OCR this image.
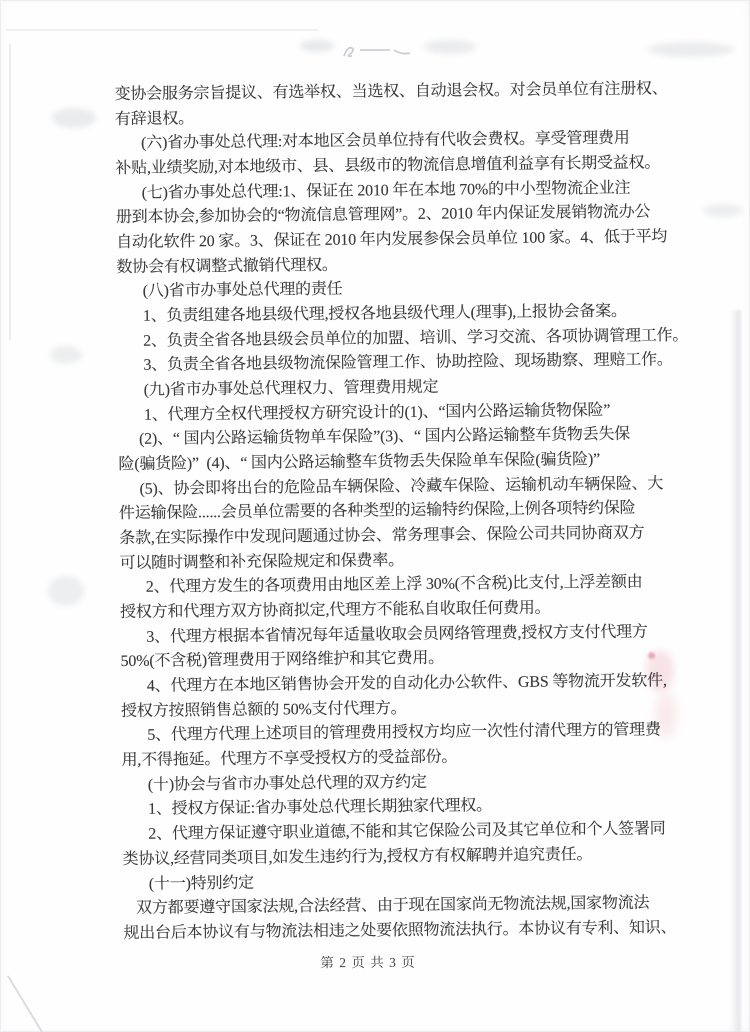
变协会服务宗旨提议、有选举权、当选权、自动退会权。对会员单位有注册权、
有辞退权。
(六)省办事处总代理:对本地区会员单位持有代收会费权。享受管理费用
补贴,业绩奖励,对本地级市、县、县级市的物流信息增值利益享有长期受益权。
(七)省办事处总代理:1、保证在 2010 年在本地 70%的中小型物流企业注
册到本协会,参加协会的“物流信息管理网”。2、2010 年内保证发展销物流办公
自动化软件 20 家。3、保证在 2010 年内发展参保会员单位 100 家。4、低于平均
数协会有权调整式撤销代理权。
(八)省市办事处总代理的责任
1、负责组建各地县级代理,授权各地县级代理人(理事),上报协会备案。
2、负责全省各地县级会员单位的加盟、培训、学习交流、各项协调管理工作。
3、负责全省各地县级物流保险管理工作、协助控险、现场勘察、理赔工作。
(九)省市办事处总代理权力、管理费用规定
1、代理方全权代理授权方研究设计的(1)、“国内公路运输货物保险”
(2)、“ 国内公路运输货物单车保险”(3)、“ 国内公路运输整车货物丢失保
险(骗货险)”  (4)、“ 国内公路运输整车货物丢失保险单车保险(骗货险)”
(5)、协会即将出台的危险品车辆保险、冷藏车保险、运输机动车辆保险、大
件运输保险......会员单位需要的各种类型的运输特约保险,上例各项特约保险
条款,在实际操作中发现问题通过协会、常务理事会、保险公司共同协商双方
可以随时调整和补充保险规定和保费率。
2、代理方发生的各项费用由地区差上浮 30%(不含税)比支付,上浮差额由
授权方和代理方双方协商拟定,代理方不能私自收取任何费用。
3、代理方根据本省情况每年适量收取会员网络管理费,授权方支付代理方
50%(不含税)管理费用于网络维护和其它费用。
4、代理方在本地区销售协会开发的自动化办公软件、GBS 等物流开发软件,
授权方按照销售总额的 50%支付代理方。
5、代理方代理上述项目的管理费用授权方均应一次性付清代理方的管理费
用,不得拖延。代理方不享受授权方的受益部份。
(十)协会与省市办事处总代理的双方约定
1、授权方保证:省办事处总代理长期独家代理权。
2、代理方保证遵守职业道德,不能和其它保险公司及其它单位和个人签署同
类协议,经营同类项目,如发生违约行为,授权方有权解聘并追究责任。
(十一)特别约定
双方都要遵守国家法规,合法经营、由于现在国家尚无物流法规,国家物流法
规出台后本协议有与物流法相违之处要依照物流法执行。本协议有专利、知识、
第 2 页 共 3 页
